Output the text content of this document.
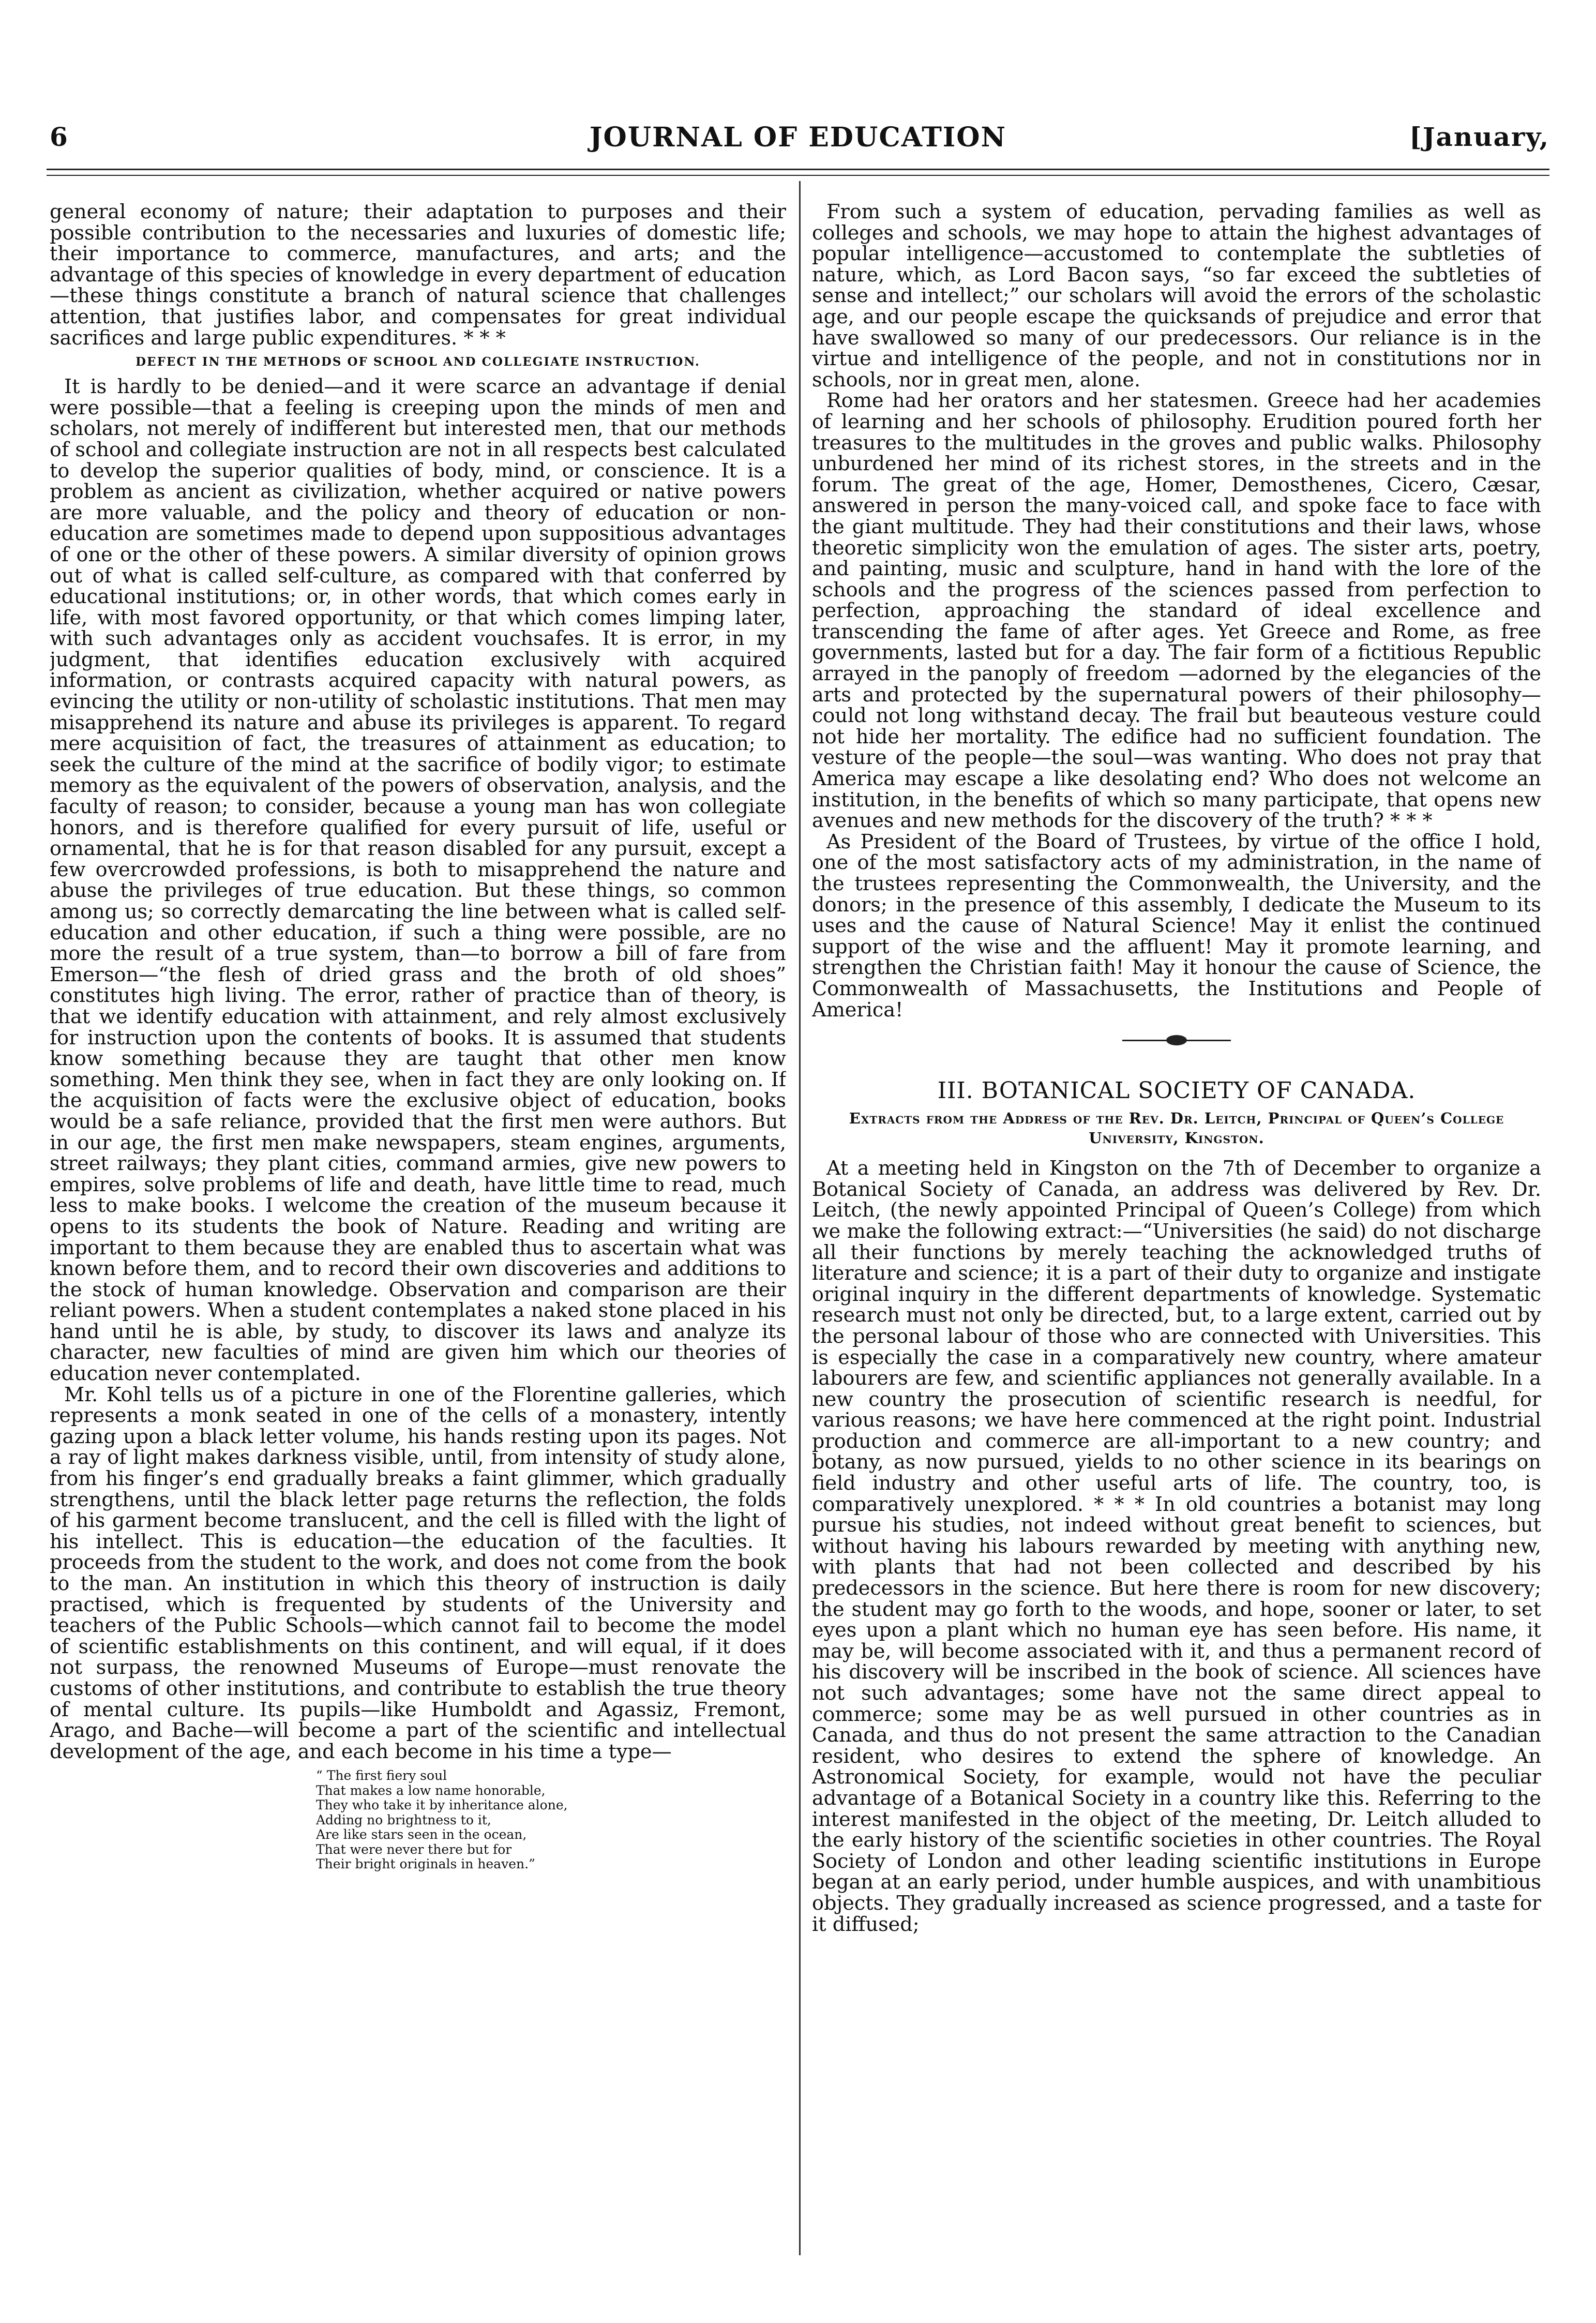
6	JOURNAL OF EDUCATION	[January,

general economy of nature; their adaptation to purposes and their possible contribution to the necessaries and luxuries of domestic life; their importance to commerce, manufactures, and arts; and the advantage of this species of knowledge in every department of education—these things constitute a branch of natural science that challenges attention, that justifies labor, and compensates for great individual sacrifices and large public expenditures. * * *

DEFECT IN THE METHODS OF SCHOOL AND COLLEGIATE INSTRUCTION.

It is hardly to be denied—and it were scarce an advantage if denial were possible—that a feeling is creeping upon the minds of men and scholars, not merely of indifferent but interested men, that our methods of school and collegiate instruction are not in all respects best calculated to develop the superior qualities of body, mind, or conscience. It is a problem as ancient as civilization, whether acquired or native powers are more valuable, and the policy and theory of education or non-education are sometimes made to depend upon suppositious advantages of one or the other of these powers. A similar diversity of opinion grows out of what is called self-culture, as compared with that conferred by educational institutions; or, in other words, that which comes early in life, with most favored opportunity, or that which comes limping later, with such advantages only as accident vouchsafes. It is error, in my judgment, that identifies education exclusively with acquired information, or contrasts acquired capacity with natural powers, as evincing the utility or non-utility of scholastic institutions. That men may misapprehend its nature and abuse its privileges is apparent. To regard mere acquisition of fact, the treasures of attainment as education; to seek the culture of the mind at the sacrifice of bodily vigor; to estimate memory as the equivalent of the powers of observation, analysis, and the faculty of reason; to consider, because a young man has won collegiate honors, and is therefore qualified for every pursuit of life, useful or ornamental, that he is for that reason disabled for any pursuit, except a few overcrowded professions, is both to misapprehend the nature and abuse the privileges of true education. But these things, so common among us; so correctly demarcating the line between what is called self-education and other education, if such a thing were possible, are no more the result of a true system, than—to borrow a bill of fare from Emerson—“the flesh of dried grass and the broth of old shoes” constitutes high living. The error, rather of practice than of theory, is that we identify education with attainment, and rely almost exclusively for instruction upon the contents of books. It is assumed that students know something because they are taught that other men know something. Men think they see, when in fact they are only looking on. If the acquisition of facts were the exclusive object of education, books would be a safe reliance, provided that the first men were authors. But in our age, the first men make newspapers, steam engines, arguments, street railways; they plant cities, command armies, give new powers to empires, solve problems of life and death, have little time to read, much less to make books. I welcome the creation of the museum because it opens to its students the book of Nature. Reading and writing are important to them because they are enabled thus to ascertain what was known before them, and to record their own discoveries and additions to the stock of human knowledge. Observation and comparison are their reliant powers. When a student contemplates a naked stone placed in his hand until he is able, by study, to discover its laws and analyze its character, new faculties of mind are given him which our theories of education never contemplated.

Mr. Kohl tells us of a picture in one of the Florentine galleries, which represents a monk seated in one of the cells of a monastery, intently gazing upon a black letter volume, his hands resting upon its pages. Not a ray of light makes darkness visible, until, from intensity of study alone, from his finger’s end gradually breaks a faint glimmer, which gradually strengthens, until the black letter page returns the reflection, the folds of his garment become translucent, and the cell is filled with the light of his intellect. This is education—the education of the faculties. It proceeds from the student to the work, and does not come from the book to the man. An institution in which this theory of instruction is daily practised, which is frequented by students of the University and teachers of the Public Schools—which cannot fail to become the model of scientific establishments on this continent, and will equal, if it does not surpass, the renowned Museums of Europe—must renovate the customs of other institutions, and contribute to establish the true theory of mental culture. Its pupils—like Humboldt and Agassiz, Fremont, Arago, and Bache—will become a part of the scientific and intellectual development of the age, and each become in his time a type—

“ The first fiery soul
That makes a low name honorable,
They who take it by inheritance alone,
Adding no brightness to it,
Are like stars seen in the ocean,
That were never there but for
Their bright originals in heaven.”

From such a system of education, pervading families as well as colleges and schools, we may hope to attain the highest advantages of popular intelligence—accustomed to contemplate the subtleties of nature, which, as Lord Bacon says, “so far exceed the subtleties of sense and intellect;” our scholars will avoid the errors of the scholastic age, and our people escape the quicksands of prejudice and error that have swallowed so many of our predecessors. Our reliance is in the virtue and intelligence of the people, and not in constitutions nor in schools, nor in great men, alone.

Rome had her orators and her statesmen. Greece had her academies of learning and her schools of philosophy. Erudition poured forth her treasures to the multitudes in the groves and public walks. Philosophy unburdened her mind of its richest stores, in the streets and in the forum. The great of the age, Homer, Demosthenes, Cicero, Cæsar, answered in person the many-voiced call, and spoke face to face with the giant multitude. They had their constitutions and their laws, whose theoretic simplicity won the emulation of ages. The sister arts, poetry, and painting, music and sculpture, hand in hand with the lore of the schools and the progress of the sciences passed from perfection to perfection, approaching the standard of ideal excellence and transcending the fame of after ages. Yet Greece and Rome, as free governments, lasted but for a day. The fair form of a fictitious Republic arrayed in the panoply of freedom —adorned by the elegancies of the arts and protected by the supernatural powers of their philosophy—could not long withstand decay. The frail but beauteous vesture could not hide her mortality. The edifice had no sufficient foundation. The vesture of the people—the soul—was wanting. Who does not pray that America may escape a like desolating end? Who does not welcome an institution, in the benefits of which so many participate, that opens new avenues and new methods for the discovery of the truth? * * *

As President of the Board of Trustees, by virtue of the office I hold, one of the most satisfactory acts of my administration, in the name of the trustees representing the Commonwealth, the University, and the donors; in the presence of this assembly, I dedicate the Museum to its uses and the cause of Natural Science! May it enlist the continued support of the wise and the affluent! May it promote learning, and strengthen the Christian faith! May it honour the cause of Science, the Commonwealth of Massachusetts, the Institutions and People of America!

III. BOTANICAL SOCIETY OF CANADA.
Extracts from the Address of the Rev. Dr. Leitch, Principal of Queen’s College University, Kingston.

At a meeting held in Kingston on the 7th of December to organize a Botanical Society of Canada, an address was delivered by Rev. Dr. Leitch, (the newly appointed Principal of Queen’s College) from which we make the following extract:—“Universities (he said) do not discharge all their functions by merely teaching the acknowledged truths of literature and science; it is a part of their duty to organize and instigate original inquiry in the different departments of knowledge. Systematic research must not only be directed, but, to a large extent, carried out by the personal labour of those who are connected with Universities. This is especially the case in a comparatively new country, where amateur labourers are few, and scientific appliances not generally available. In a new country the prosecution of scientific research is needful, for various reasons; we have here commenced at the right point. Industrial production and commerce are all-important to a new country; and botany, as now pursued, yields to no other science in its bearings on field industry and other useful arts of life. The country, too, is comparatively unexplored. * * * In old countries a botanist may long pursue his studies, not indeed without great benefit to sciences, but without having his labours rewarded by meeting with anything new, with plants that had not been collected and described by his predecessors in the science. But here there is room for new discovery; the student may go forth to the woods, and hope, sooner or later, to set eyes upon a plant which no human eye has seen before. His name, it may be, will become associated with it, and thus a permanent record of his discovery will be inscribed in the book of science. All sciences have not such advantages; some have not the same direct appeal to commerce; some may be as well pursued in other countries as in Canada, and thus do not present the same attraction to the Canadian resident, who desires to extend the sphere of knowledge. An Astronomical Society, for example, would not have the peculiar advantage of a Botanical Society in a country like this. Referring to the interest manifested in the object of the meeting, Dr. Leitch alluded to the early history of the scientific societies in other countries. The Royal Society of London and other leading scientific institutions in Europe began at an early period, under humble auspices, and with unambitious objects. They gradually increased as science progressed, and a taste for it diffused;
